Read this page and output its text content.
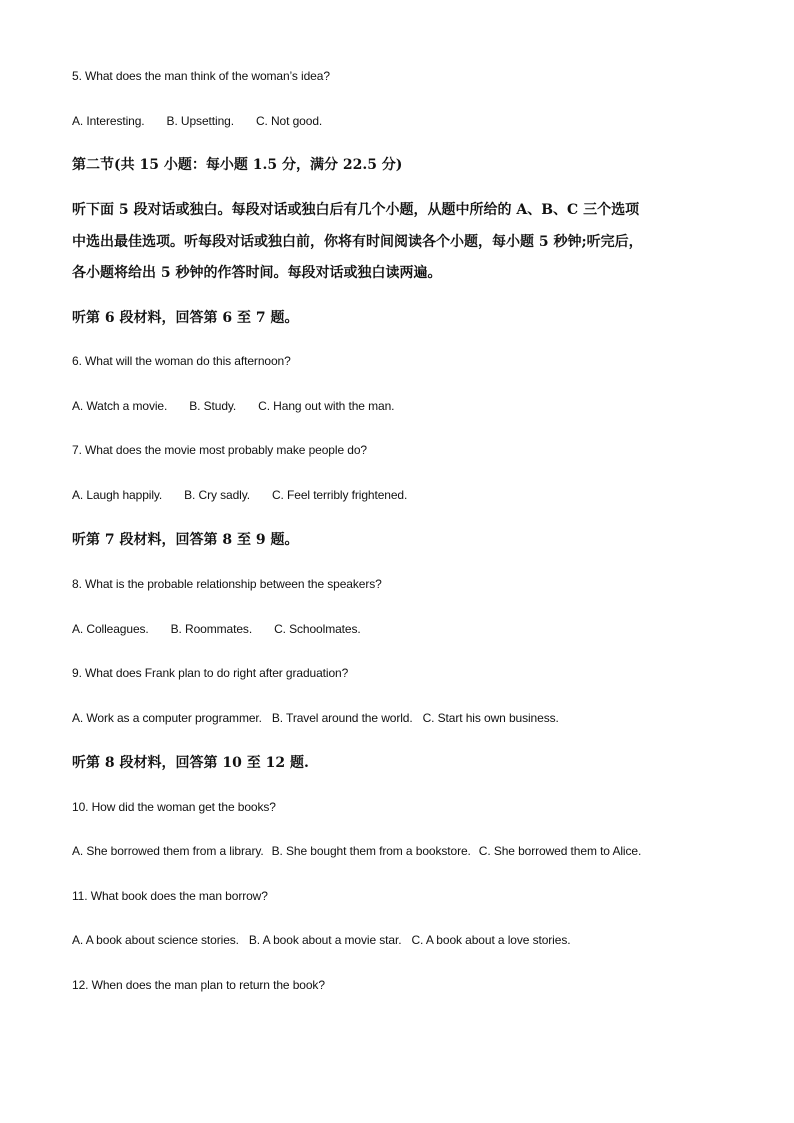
5. What does the man think of the woman’s idea?
A. Interesting. B. Upsetting. C. Not good.
第二节(共 15 小题：每小题 1.5 分，满分 22.5 分)
听下面 5 段对话或独白。每段对话或独白后有几个小题，从题中所给的 A、B、C 三个选项
中选出最佳选项。听每段对话或独白前，你将有时间阅读各个小题，每小题 5 秒钟;听完后，
各小题将给出 5 秒钟的作答时间。每段对话或独白读两遍。
听第 6 段材料，回答第 6 至 7 题。
6. What will the woman do this afternoon?
A. Watch a movie. B. Study. C. Hang out with the man.
7. What does the movie most probably make people do?
A. Laugh happily. B. Cry sadly. C. Feel terribly frightened.
听第 7 段材料，回答第 8 至 9 题。
8. What is the probable relationship between the speakers?
A. Colleagues. B. Roommates. C. Schoolmates.
9. What does Frank plan to do right after graduation?
A. Work as a computer programmer. B. Travel around the world. C. Start his own business.
听第 8 段材料，回答第 10 至 12 题.
10. How did the woman get the books?
A. She borrowed them from a library. B. She bought them from a bookstore. C. She borrowed them to Alice.
11. What book does the man borrow?
A. A book about science stories. B. A book about a movie star. C. A book about a love stories.
12. When does the man plan to return the book?
